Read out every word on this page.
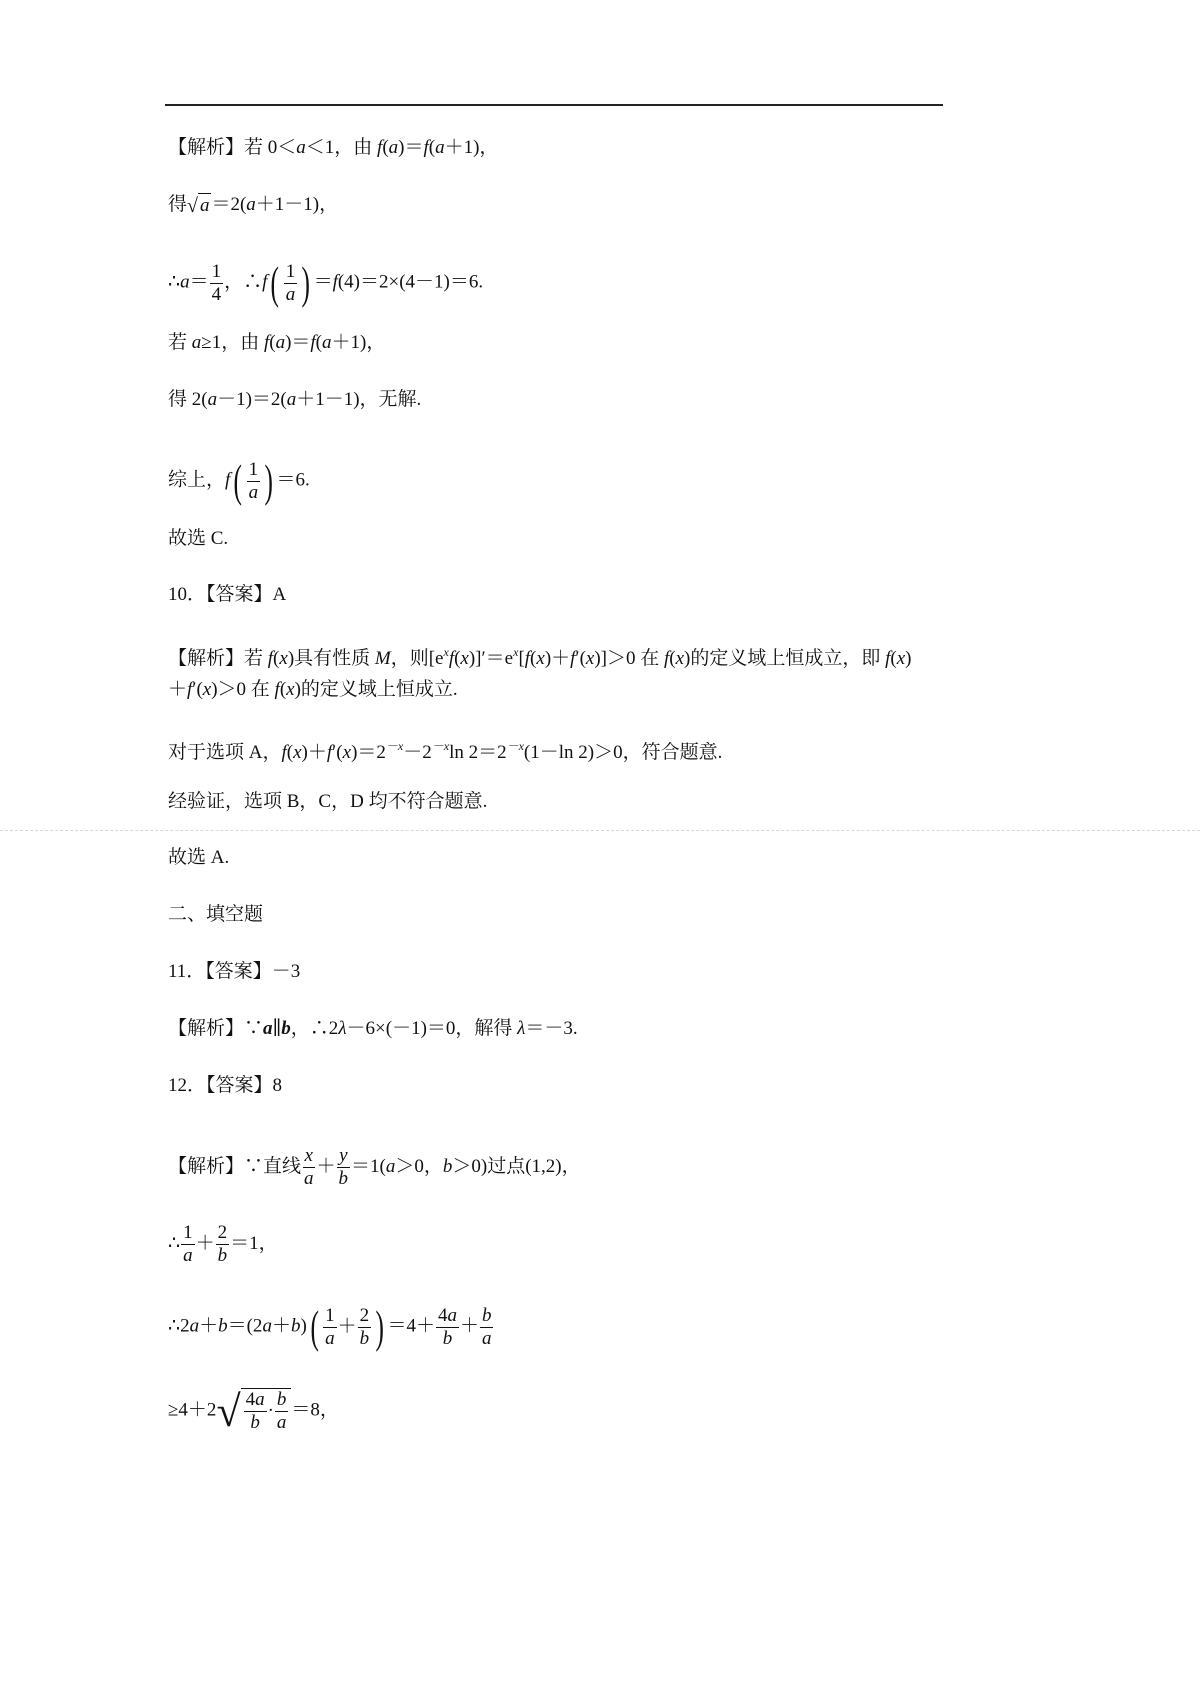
【解析】若 0＜a＜1，由 f(a)＝f(a＋1)，
得 √ a ＝2(a＋1－1)，
∴a＝ $\frac{1}{4}$ ，∴f ( $\frac{1}{a}$ ) ＝f(4)＝2×(4－1)＝6.
若 a≥1，由 f(a)＝f(a＋1)，
得 2(a－1)＝2(a＋1－1)，无解.
综上，f ( $\frac{1}{a}$ ) ＝6.
故选 C.
10．【答案】A
【解析】若 f(x)具有性质 M，则$[e^xf(x)]'=e^x[f(x)+f'(x)]>0$ 在 f(x)的定义域上恒成立，即 f(x)
＋f′(x)＞0 在 f(x)的定义域上恒成立.
对于选项 A，$f(x)+f'(x)=2^{-x}-2^{-x}\ln$ $2=2^{-x}(1-\ln$ 2)＞0，符合题意.
经验证，选项 B，C，D 均不符合题意.
故选 A.
二、填空题
11．【答案】－3
【解析】∵a∥b，∴2λ－6×(－1)＝0，解得 λ＝－3.
12．【答案】8
【解析】∵直线 $\frac{x}{a} + \frac{y}{b} =1(a>0$，b＞0)过点(1,2)，
∴ $\frac{1}{a} + \frac{2}{b} =1$，
∴2a＋b＝(2a＋b) ( $\frac{1}{a} + \frac{2}{b}$ ) $=4+ \frac{4a}{b} + \frac{b}{a}$
≥4＋2 √ $\frac{4a}{b} \cdot \frac{b}{a} =8$，
